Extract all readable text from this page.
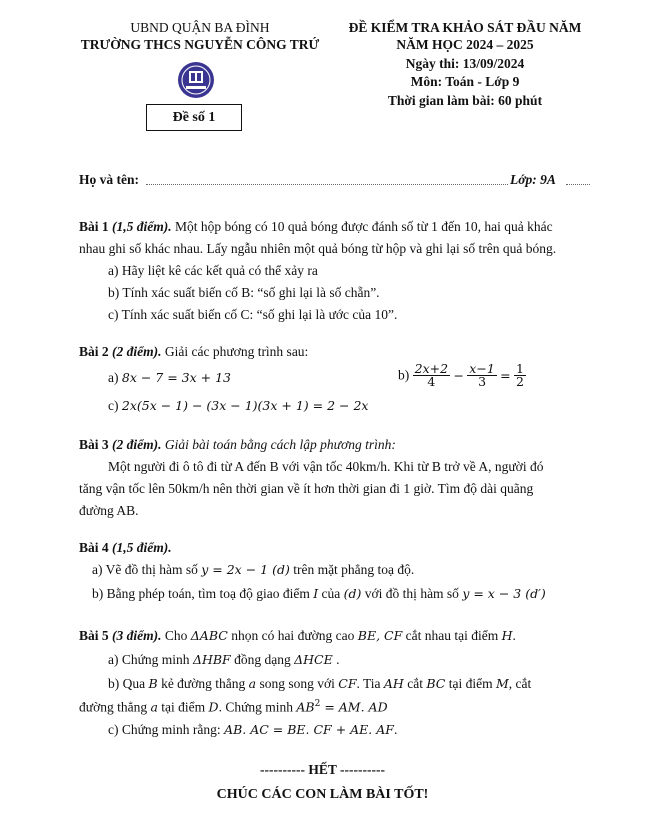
UBND QUẬN BA ĐÌNH
TRƯỜNG THCS NGUYỄN CÔNG TRỨ
Đề số 1
ĐỀ KIỂM TRA KHẢO SÁT ĐẦU NĂM
NĂM HỌC 2024 – 2025
Ngày thi: 13/09/2024
Môn: Toán - Lớp 9
Thời gian làm bài: 60 phút
Họ và tên:	Lớp: 9A
Bài 1 (1,5 điểm). Một hộp bóng có 10 quả bóng được đánh số từ 1 đến 10, hai quả khác
nhau ghi số khác nhau. Lấy ngẫu nhiên một quả bóng từ hộp và ghi lại số trên quả bóng.
a) Hãy liệt kê các kết quả có thể xảy ra
b) Tính xác suất biến cố B: “số ghi lại là số chẵn”.
c) Tính xác suất biến cố C: “số ghi lại là ước của 10”.
Bài 2 (2 điểm). Giải các phương trình sau:
a) 8x − 7 = 3x + 13	$b) \frac{2x+2}{4} - \frac{x-1}{3} = \frac{1}{2}$
c) 2x(5x − 1) − (3x − 1)(3x + 1) = 2 − 2x
Bài 3 (2 điểm). Giải bài toán bằng cách lập phương trình:
Một người đi ô tô đi từ A đến B với vận tốc 40km/h. Khi từ B trở về A, người đó
tăng vận tốc lên 50km/h nên thời gian về ít hơn thời gian đi 1 giờ. Tìm độ dài quãng
đường AB.
Bài 4 (1,5 điểm).
a) Vẽ đồ thị hàm số y = 2x − 1 (d) trên mặt phẳng toạ độ.
b) Bằng phép toán, tìm toạ độ giao điểm I của (d) với đồ thị hàm số y = x − 3 (d′)
Bài 5 (3 điểm). Cho ΔABC nhọn có hai đường cao BE, CF cắt nhau tại điểm H.
a) Chứng minh ΔHBF đồng dạng ΔHCE .
b) Qua B kẻ đường thẳng a song song với CF. Tia AH cắt BC tại điểm M, cắt
đường thẳng a tại điểm D. Chứng minh $AB^2$ = AM. AD
c) Chứng minh rằng: AB. AC = BE. CF + AE. AF.
---------- HẾT ----------
CHÚC CÁC CON LÀM BÀI TỐT!
